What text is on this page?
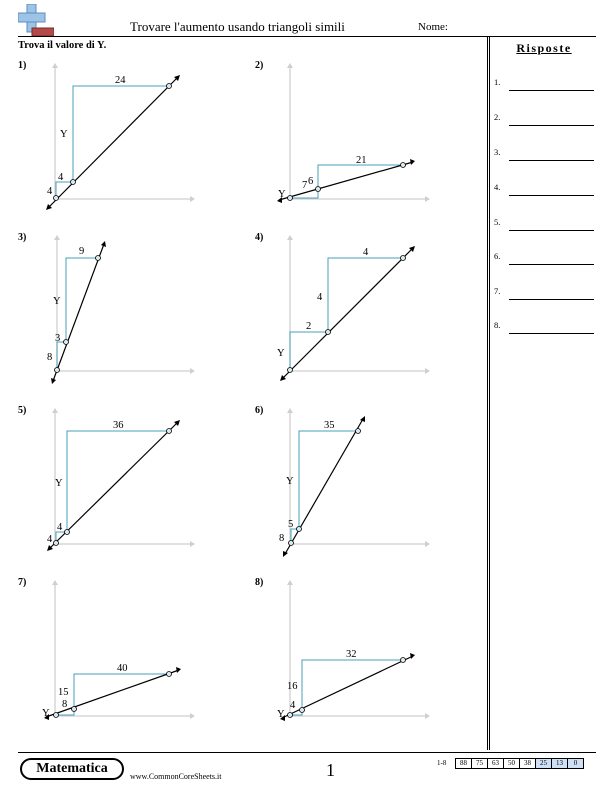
Trovare l'aumento usando triangoli simili	Nome:
Trova il valore di Y.	Risposte
1.
2.
3.
4.
5.
6.
7.
8.
1)
24
Y
4
4
2)
21
6
7
Y
3)
9
Y
3
8
4)
4
4
2
Y
5)
36
Y
4
4
6)
35
Y
5
8
7)
40
15
8
Y
8)
32
16
4
Y
Matematica
www.CommonCoreSheets.it	1	1-8 88	75	63	50	38	25	13	0
